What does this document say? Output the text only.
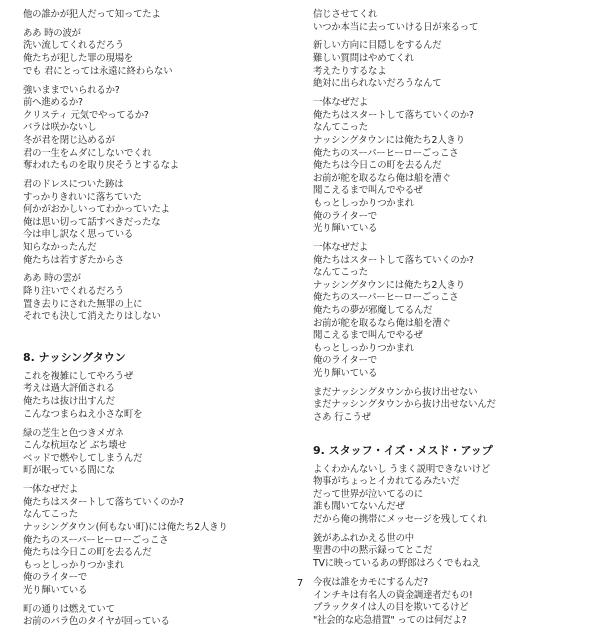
他の誰かが犯人だって知ってたよ
ああ 時の波が
洗い流してくれるだろう
俺たちが犯した罪の現場を
でも 君にとっては永遠に終わらない
強いままでいられるか?
前へ進めるか?
クリスティ 元気でやってるか?
バラは咲かないし
冬が君を閉じ込めるが
君の一生をムダにしないでくれ
奪われたものを取り戻そうとするなよ
君のドレスについた跡は
すっかりきれいに落ちていた
何かがおかしいってわかっていたよ
俺は思い切って話すべきだったな
今は申し訳なく思っている
知らなかったんだ
俺たちは若すぎたからさ
ああ 時の雲が
降り注いでくれるだろう
置き去りにされた無罪の上に
それでも決して消えたりはしない
8. ナッシングタウン
これを複雑にしてやろうぜ
考えは過大評価される
俺たちは抜け出すんだ
こんなつまらねえ小さな町を
緑の芝生と色つきメガネ
こんな杭垣など ぶち壊せ
ベッドで燃やしてしまうんだ
町が眠っている間にな
一体なぜだよ
俺たちはスタートして落ちていくのか?
なんてこった
ナッシングタウン(何もない町)には俺たち2人きり
俺たちのスーパーヒーローごっこさ
俺たちは今日この町を去るんだ
もっとしっかりつかまれ
俺のライターで
光り輝いている
町の通りは燃えていて
お前のバラ色のタイヤが回っている
信じさせてくれ
いつか本当に去っていける日が来るって
新しい方向に目隠しをするんだ
難しい質問はやめてくれ
考えたりするなよ
絶対に出られないだろうなんて
一体なぜだよ
俺たちはスタートして落ちていくのか?
なんてこった
ナッシングタウンには俺たち2人きり
俺たちのスーパーヒーローごっこさ
俺たちは今日この町を去るんだ
お前が舵を取るなら俺は船を漕ぐ
聞こえるまで叫んでやるぜ
もっとしっかりつかまれ
俺のライターで
光り輝いている
一体なぜだよ
俺たちはスタートして落ちていくのか?
なんてこった
ナッシングタウンには俺たち2人きり
俺たちのスーパーヒーローごっこさ
俺たちの夢が邪魔してるんだ
お前が舵を取るなら俺は船を漕ぐ
聞こえるまで叫んでやるぜ
もっとしっかりつかまれ
俺のライターで
光り輝いている
まだナッシングタウンから抜け出せない
まだナッシングタウンから抜け出せないんだ
さあ 行こうぜ
9. スタッフ・イズ・メスド・アップ
よくわかんないし うまく説明できないけど
物事がちょっとイカれてるみたいだ
だって世界が泣いてるのに
誰も聞いてないんだぜ
だから俺の携帯にメッセージを残してくれ
銃があふれかえる世の中
聖書の中の黙示録ってとこだ
TVに映っているあの野郎はろくでもねえ
今夜は誰をカモにするんだ?
インチキは有名人の資金調達者だもの!
ブラックタイは人の目を欺いてるけど
"社会的な応急措置" ってのは何だよ?
7
